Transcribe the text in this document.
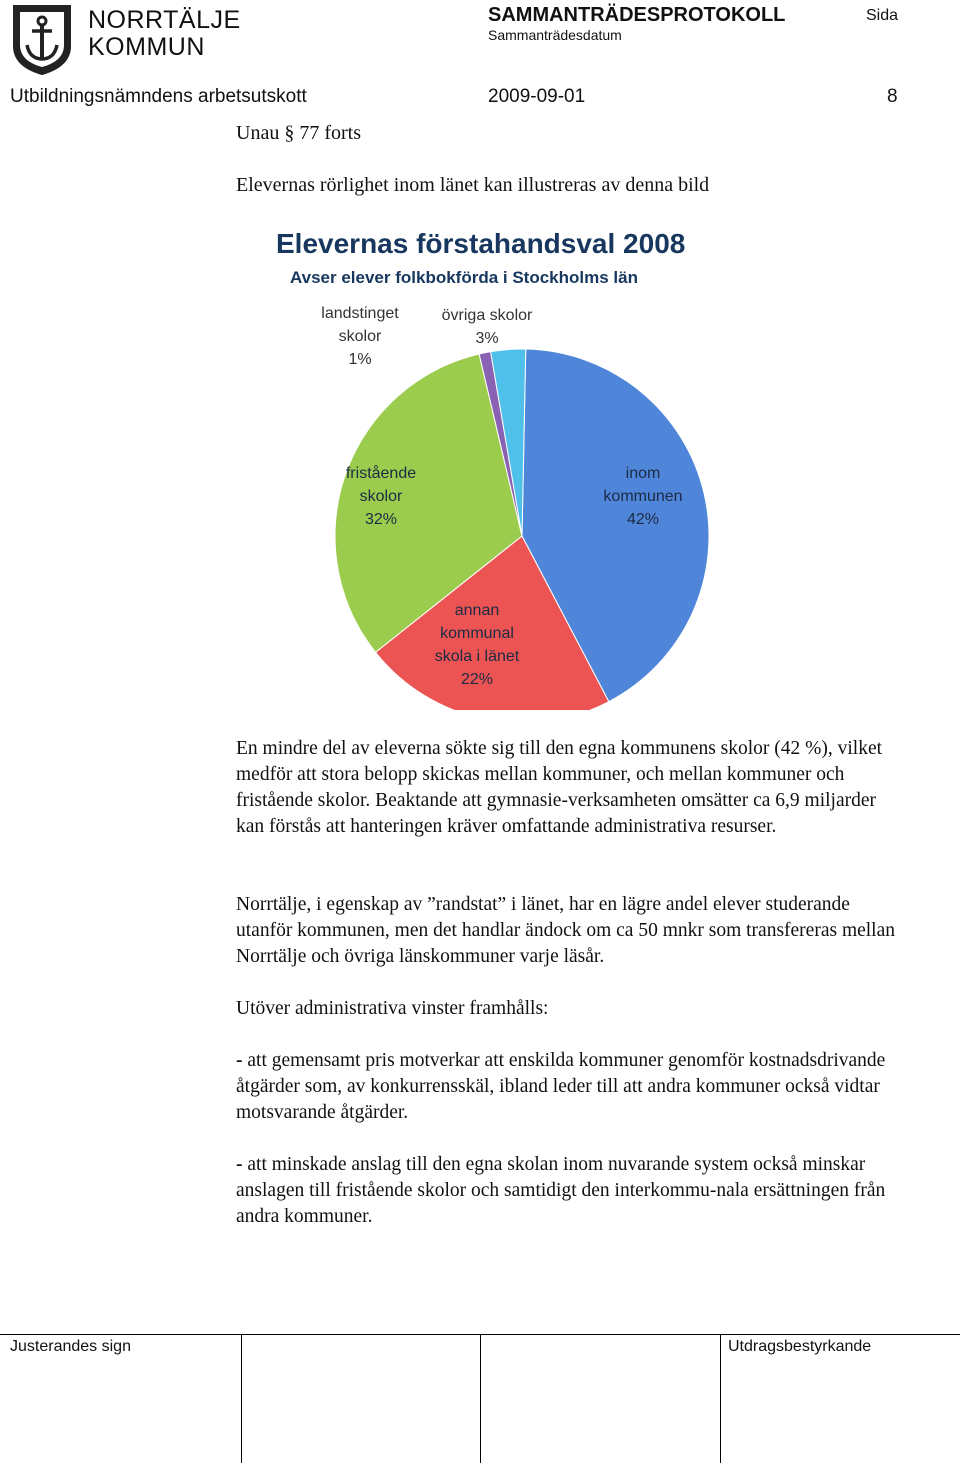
NORRTÄLJE
KOMMUN
SAMMANTRÄDESPROTOKOLL
Sammanträdesdatum
Sida
Utbildningsnämndens arbetsutskott	2009-09-01	8
Unau § 77 forts
Elevernas rörlighet inom länet kan illustreras av denna bild
Elevernas förstahandsval 2008
Avser elever folkbokförda i Stockholms län
inom kommunen 42%
annan kommunal skola i länet 22%
fristående skolor 32%
landstinget skolor 1%
övriga skolor 3%

En mindre del av eleverna sökte sig till den egna kommunens skolor (42 %), vilket medför att stora belopp skickas mellan kommuner, och mellan kommuner och fristående skolor. Beaktande att gymnasie-verksamheten omsätter ca 6,9 miljarder kan förstås att hanteringen kräver omfattande administrativa resurser.

Norrtälje, i egenskap av ”randstat” i länet, har en lägre andel elever studerande utanför kommunen, men det handlar ändock om ca 50 mnkr som transfereras mellan Norrtälje och övriga länskommuner varje läsår.

Utöver administrativa vinster framhålls:

- att gemensamt pris motverkar att enskilda kommuner genomför kostnadsdrivande åtgärder som, av konkurrensskäl, ibland leder till att andra kommuner också vidtar motsvarande åtgärder.

- att minskade anslag till den egna skolan inom nuvarande system också minskar anslagen till fristående skolor och samtidigt den interkommu-nala ersättningen från andra kommuner.

Justerandes sign	Utdragsbestyrkande
